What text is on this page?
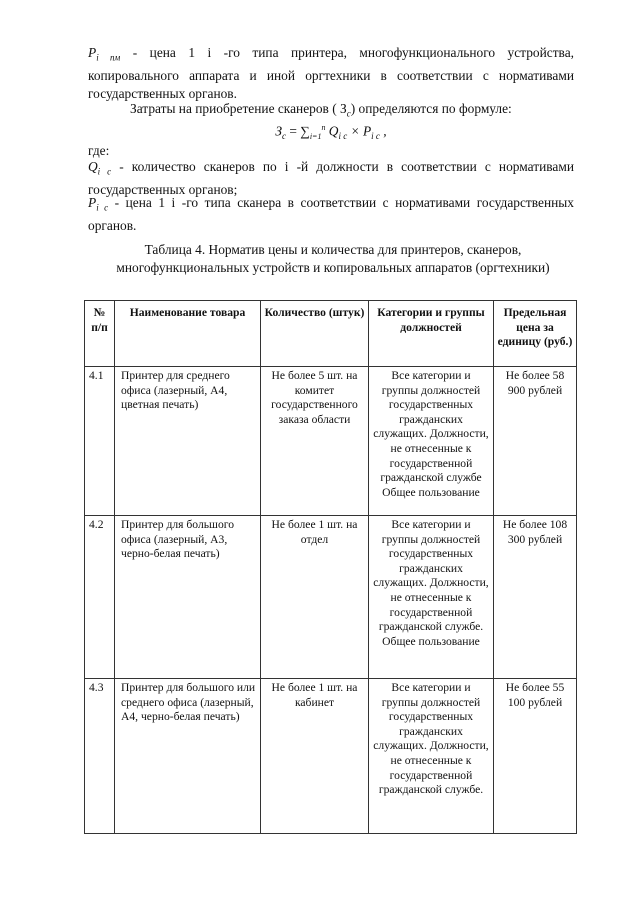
$P_{i пм}$ - цена 1 i -го типа принтера, многофункционального устройства, копировального аппарата и иной оргтехники в соответствии с нормативами государственных органов.
Затраты на приобретение сканеров ( $З_c$) определяются по формуле:
$З_c = \sum_{i=1}^n$ $Q_{i c} \times P_{i c}$ ,
где:
$Q_{i c}$ - количество сканеров по i -й должности в соответствии с нормативами государственных органов;
$P_{i c}$ - цена 1 i -го типа сканера в соответствии с нормативами государственных органов.
Таблица 4. Норматив цены и количества для принтеров, сканеров, многофункциональных устройств и копировальных аппаратов (оргтехники)
№ п/п	Наименование товара	Количество (штук)	Категории и группы должностей	Предельная цена за единицу (руб.)
4.1	Принтер для среднего офиса (лазерный, А4, цветная печать)	Не более 5 шт. на комитет государственного заказа области	Все категории и группы должностей государственных гражданских служащих. Должности, не отнесенные к государственной гражданской службе Общее пользование	Не более 58 900 рублей
4.2	Принтер для большого офиса (лазерный, А3, черно-белая печать)	Не более 1 шт. на отдел	Все категории и группы должностей государственных гражданских служащих. Должности, не отнесенные к государственной гражданской службе. Общее пользование	Не более 108 300 рублей
4.3	Принтер для большого или среднего офиса (лазерный, А4, черно-белая печать)	Не более 1 шт. на кабинет	Все категории и группы должностей государственных гражданских служащих. Должности, не отнесенные к государственной гражданской службе.	Не более 55 100 рублей
